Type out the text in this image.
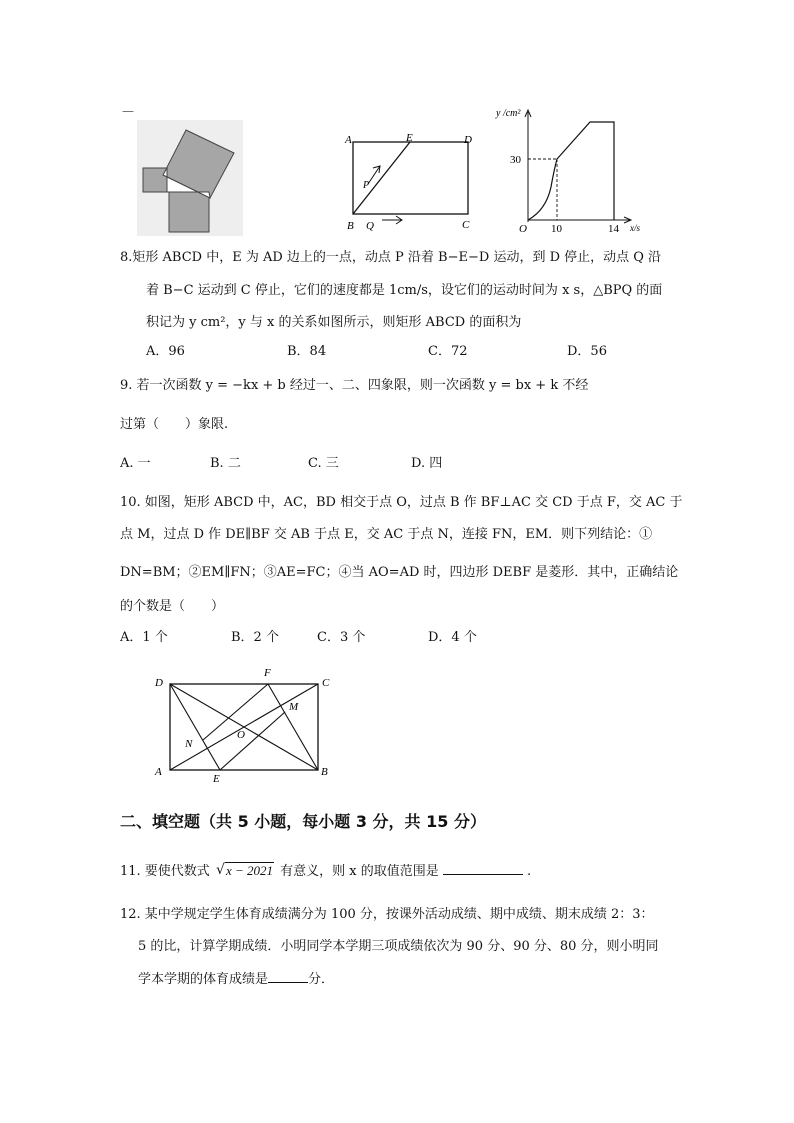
—
A	E	D
B	C
P
Q
y /cm²
x/s
O
30
10	14
8.矩形 ABCD 中，E 为 AD 边上的一点，动点 P 沿着 B−E−D 运动，到 D 停止，动点 Q 沿
着 B−C 运动到 C 停止，它们的速度都是 1cm/s，设它们的运动时间为 x s，△BPQ 的面
积记为 y cm²，y 与 x 的关系如图所示，则矩形 ABCD 的面积为
A．96	B．84	C．72	D．56
9. 若一次函数 y = −kx + b 经过一、二、四象限，则一次函数 y = bx + k 不经
过第（　　）象限.
A. 一	B. 二	C. 三	D. 四
10. 如图，矩形 ABCD 中，AC，BD 相交于点 O，过点 B 作 BF⊥AC 交 CD 于点 F，交 AC 于
点 M，过点 D 作 DE∥BF 交 AB 于点 E，交 AC 于点 N，连接 FN，EM．则下列结论：①
DN=BM；②EM∥FN；③AE=FC；④当 AO=AD 时，四边形 DEBF 是菱形．其中，正确结论
的个数是（　　）
A．1 个	B．2 个	C．3 个	D．4 个
D
F
C
M
N
O
A
E
B
二、填空题（共 5 小题，每小题 3 分，共 15 分）
11. 要使代数式 √ x − 2021 有意义，则 x 的取值范围是	.
12. 某中学规定学生体育成绩满分为 100 分，按课外活动成绩、期中成绩、期末成绩 2：3：
5 的比，计算学期成绩．小明同学本学期三项成绩依次为 90 分、90 分、80 分，则小明同
学本学期的体育成绩是	分．
